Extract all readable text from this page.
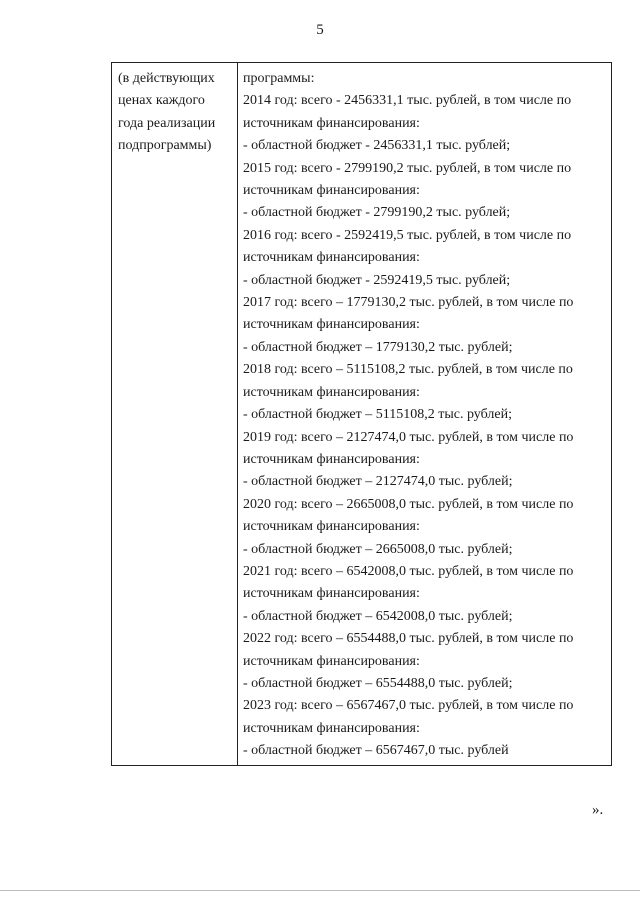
5
(в действующих
ценах каждого
года реализации
подпрограммы)
программы:
2014 год: всего - 2456331,1 тыс. рублей, в том числе по
источникам финансирования:
- областной бюджет - 2456331,1 тыс. рублей;
2015 год: всего - 2799190,2 тыс. рублей, в том числе по
источникам финансирования:
- областной бюджет - 2799190,2 тыс. рублей;
2016 год: всего - 2592419,5 тыс. рублей, в том числе по
источникам финансирования:
- областной бюджет - 2592419,5 тыс. рублей;
2017 год: всего – 1779130,2 тыс. рублей, в том числе по
источникам финансирования:
- областной бюджет – 1779130,2 тыс. рублей;
2018 год: всего – 5115108,2 тыс. рублей, в том числе по
источникам финансирования:
- областной бюджет – 5115108,2 тыс. рублей;
2019 год: всего – 2127474,0 тыс. рублей, в том числе по
источникам финансирования:
- областной бюджет – 2127474,0 тыс. рублей;
2020 год: всего – 2665008,0 тыс. рублей, в том числе по
источникам финансирования:
- областной бюджет – 2665008,0 тыс. рублей;
2021 год: всего – 6542008,0 тыс. рублей, в том числе по
источникам финансирования:
- областной бюджет – 6542008,0 тыс. рублей;
2022 год: всего – 6554488,0 тыс. рублей, в том числе по
источникам финансирования:
- областной бюджет – 6554488,0 тыс. рублей;
2023 год: всего – 6567467,0 тыс. рублей, в том числе по
источникам финансирования:
- областной бюджет – 6567467,0 тыс. рублей
».
